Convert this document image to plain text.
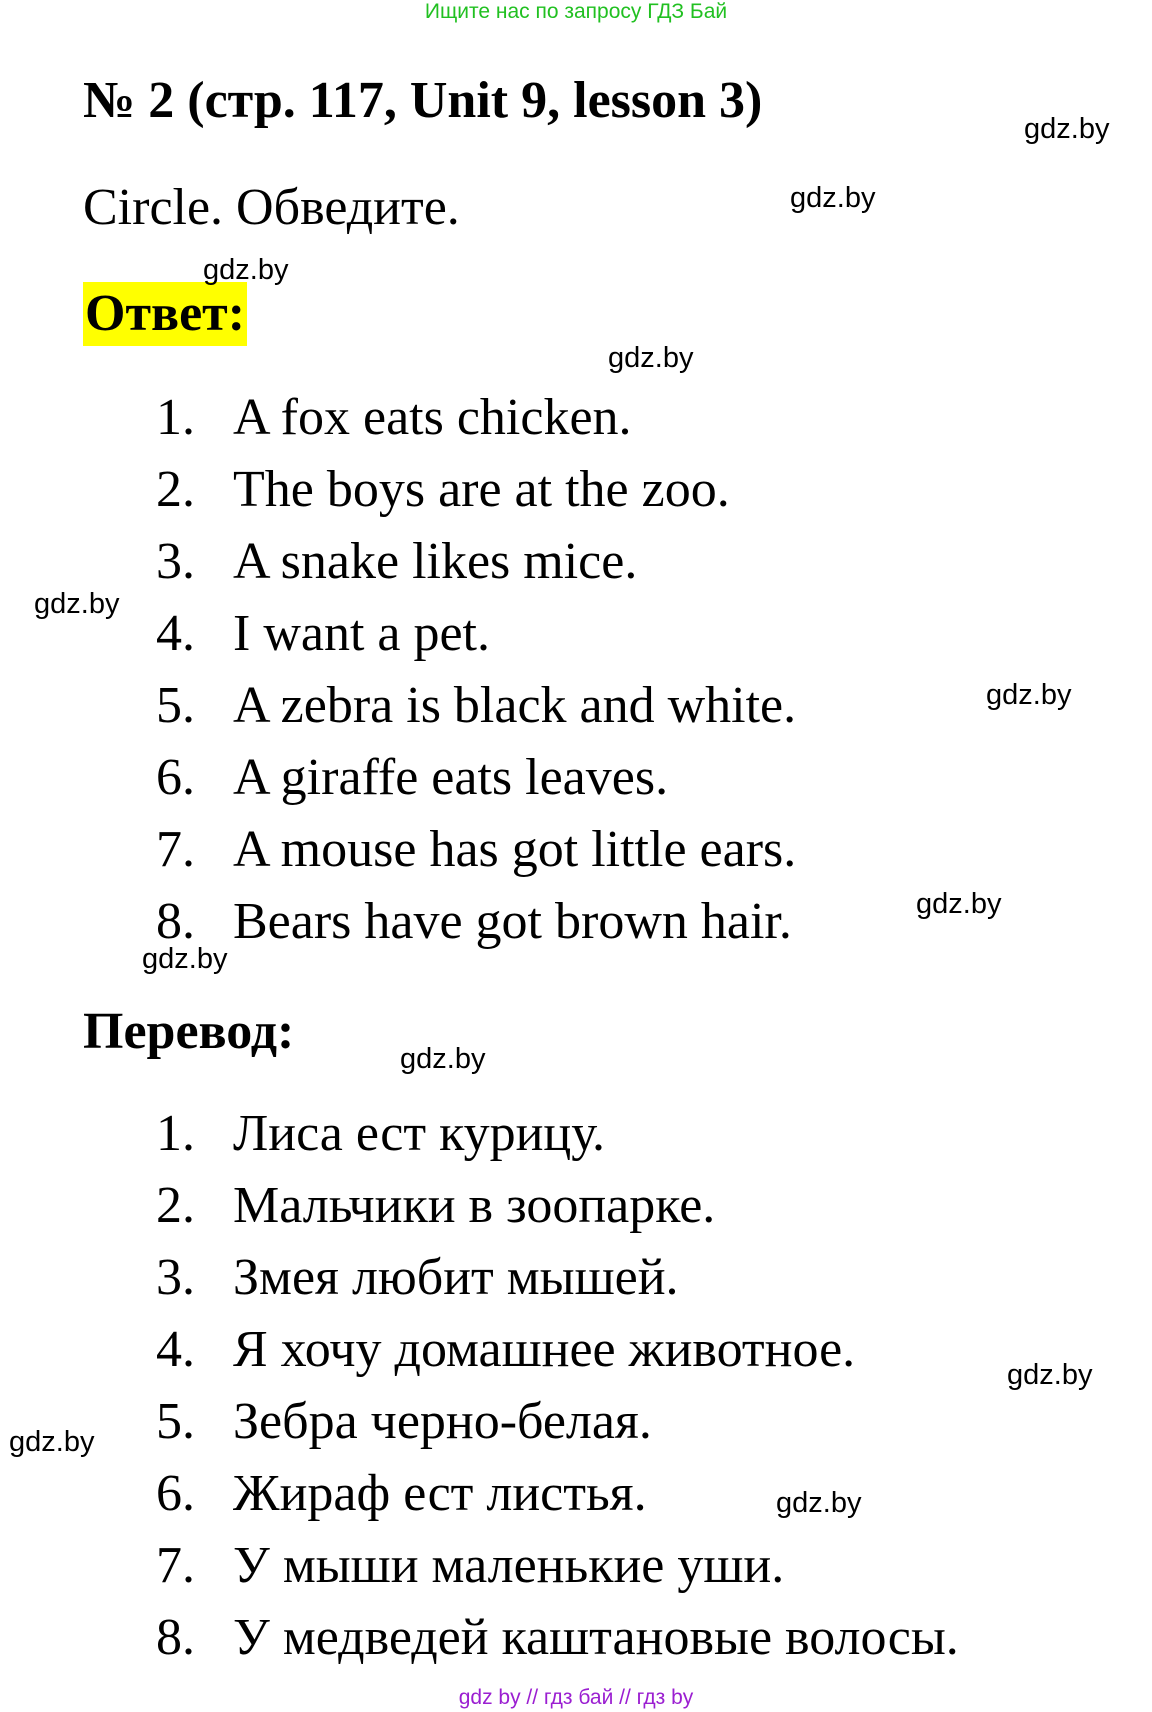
Ищите нас по запросу ГДЗ Бай
№ 2 (стр. 117, Unit 9, lesson 3)
Circle. Обведите.
Ответ:
1. A fox eats chicken.
2. The boys are at the zoo.
3. A snake likes mice.
4. I want a pet.
5. A zebra is black and white.
6. A giraffe eats leaves.
7. A mouse has got little ears.
8. Bears have got brown hair.
Перевод:
1. Лиса ест курицу.
2. Мальчики в зоопарке.
3. Змея любит мышей.
4. Я хочу домашнее животное.
5. Зебра черно-белая.
6. Жираф ест листья.
7. У мыши маленькие уши.
8. У медведей каштановые волосы.
gdz.by
gdz.by
gdz.by
gdz.by
gdz.by
gdz.by
gdz.by
gdz.by
gdz.by
gdz.by
gdz.by
gdz.by
gdz by // гдз бай // гдз by
